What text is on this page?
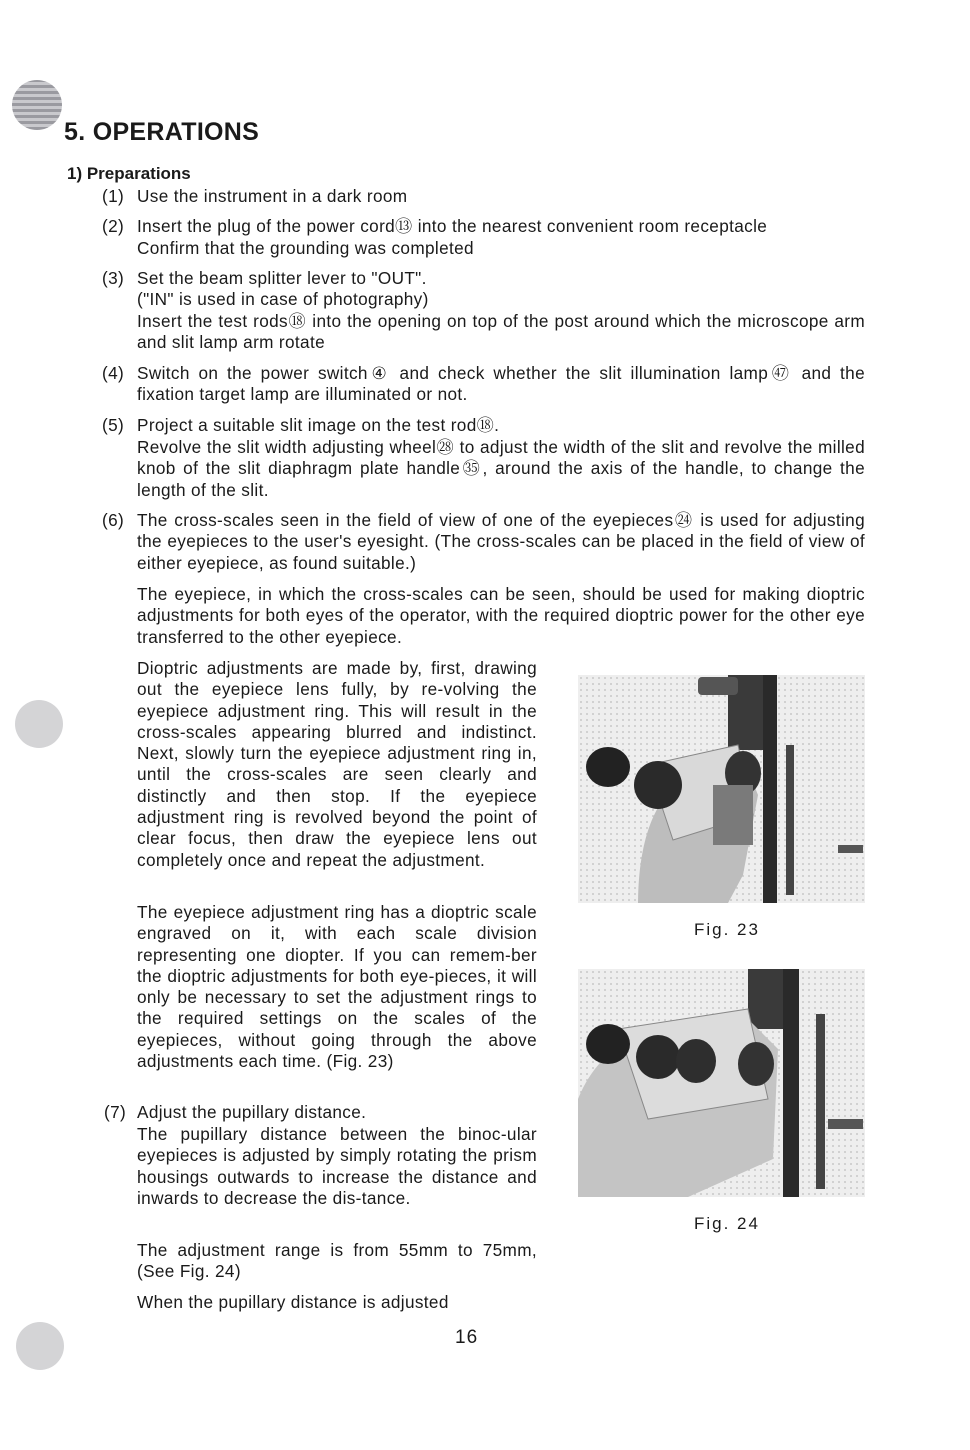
5. OPERATIONS
1) Preparations
(1) Use the instrument in a dark room
(2) Insert the plug of the power cord⑬ into the nearest convenient room receptacle
Confirm that the grounding was completed
(3) Set the beam splitter lever to "OUT".
("IN" is used in case of photography)
Insert the test rods⑱ into the opening on top of the post around which the microscope arm and slit lamp arm rotate
(4) Switch on the power switch④ and check whether the slit illumination lamp㊼ and the fixation target lamp are illuminated or not.
(5) Project a suitable slit image on the test rod⑱.
Revolve the slit width adjusting wheel㉘ to adjust the width of the slit and revolve the milled knob of the slit diaphragm plate handle㉟, around the axis of the handle, to change the length of the slit.
(6) The cross-scales seen in the field of view of one of the eyepieces㉔ is used for adjusting the eyepieces to the user's eyesight. (The cross-scales can be placed in the field of view of either eyepiece, as found suitable.)
The eyepiece, in which the cross-scales can be seen, should be used for making dioptric adjustments for both eyes of the operator, with the required dioptric power for the other eye transferred to the other eyepiece.
Dioptric adjustments are made by, first, drawing out the eyepiece lens fully, by re-volving the eyepiece adjustment ring. This will result in the cross-scales appearing blurred and indistinct. Next, slowly turn the eyepiece adjustment ring in, until the cross-scales are seen clearly and distinctly and then stop. If the eyepiece adjustment ring is revolved beyond the point of clear focus, then draw the eyepiece lens out completely once and repeat the adjustment.
The eyepiece adjustment ring has a dioptric scale engraved on it, with each scale division representing one diopter. If you can remem-ber the dioptric adjustments for both eye-pieces, it will only be necessary to set the adjustment rings to the required settings on the scales of the eyepieces, without going through the above adjustments each time. (Fig. 23)
(7) Adjust the pupillary distance.
The pupillary distance between the binoc-ular eyepieces is adjusted by simply rotating the prism housings outwards to increase the distance and inwards to decrease the dis-tance.
The adjustment range is from 55mm to 75mm, (See Fig. 24)
When the pupillary distance is adjusted
Fig. 23
Fig. 24
16
